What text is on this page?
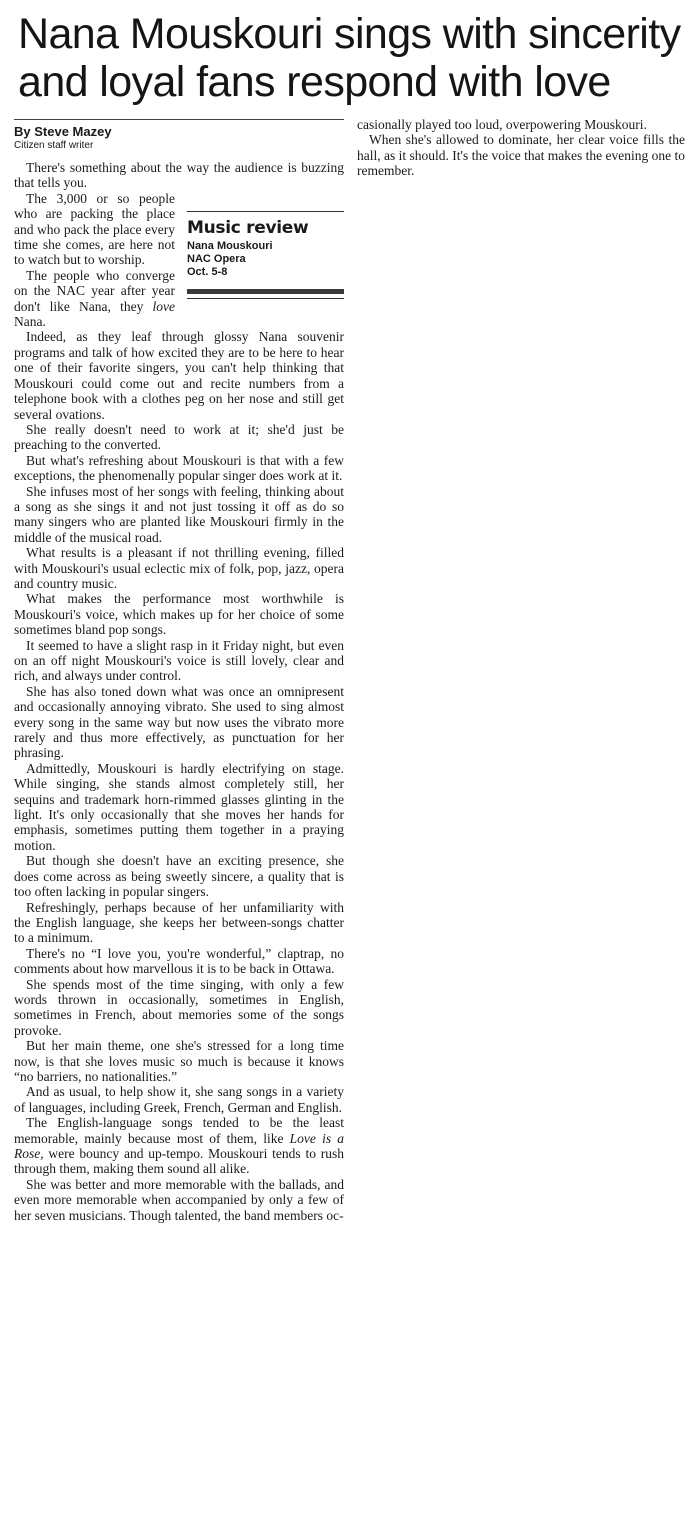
Nana Mouskouri sings with sincerity
and loyal fans respond with love
By Steve Mazey
Citizen staff writer

There's something about the way the audience is buzzing that tells you.

Music review
Nana Mouskouri
NAC Opera
Oct. 5-8

The 3,000 or so people who are packing the place and who pack the place every time she comes, are here not to watch but to worship.

The people who converge on the NAC year after year don't like Nana, they love Nana.

Indeed, as they leaf through glossy Nana souvenir programs and talk of how excited they are to be here to hear one of their favorite singers, you can't help thinking that Mouskouri could come out and recite numbers from a telephone book with a clothes peg on her nose and still get several ovations.

She really doesn't need to work at it; she'd just be preaching to the converted.

But what's refreshing about Mouskouri is that with a few exceptions, the phenomenally popular singer does work at it.

She infuses most of her songs with feeling, thinking about a song as she sings it and not just tossing it off as do so many singers who are planted like Mouskouri firmly in the middle of the musical road.

What results is a pleasant if not thrilling evening, filled with Mouskouri's usual eclectic mix of folk, pop, jazz, opera and country music.

What makes the performance most worthwhile is Mouskouri's voice, which makes up for her choice of some sometimes bland pop songs.

It seemed to have a slight rasp in it Friday night, but even on an off night Mouskouri's voice is still lovely, clear and rich, and always under control.

She has also toned down what was once an omnipresent and occasionally annoying vibrato. She used to sing almost every song in the same way but now uses the vibrato more rarely and thus more effectively, as punctuation for her phrasing.

Admittedly, Mouskouri is hardly electrifying on stage. While singing, she stands almost completely still, her sequins and trademark horn-rimmed glasses glinting in the light. It's only occasionally that she moves her hands for emphasis, sometimes putting them together in a praying motion.

But though she doesn't have an exciting presence, she does come across as being sweetly sincere, a quality that is too often lacking in popular singers.

Refreshingly, perhaps because of her unfamiliarity with the English language, she keeps her between-songs chatter to a minimum.

There's no “I love you, you're wonderful,” claptrap, no comments about how marvellous it is to be back in Ottawa.

She spends most of the time singing, with only a few words thrown in occasionally, sometimes in English, sometimes in French, about memories some of the songs provoke.

But her main theme, one she's stressed for a long time now, is that she loves music so much is because it knows “no barriers, no nationalities.”

And as usual, to help show it, she sang songs in a variety of languages, including Greek, French, German and English.

The English-language songs tended to be the least memorable, mainly because most of them, like Love is a Rose, were bouncy and up-tempo. Mouskouri tends to rush through them, making them sound all alike.

She was better and more memorable with the ballads, and even more memorable when accompanied by only a few of her seven musicians. Though talented, the band members oc-

casionally played too loud, overpowering Mouskouri.

When she's allowed to dominate, her clear voice fills the hall, as it should. It's the voice that makes the evening one to remember.
